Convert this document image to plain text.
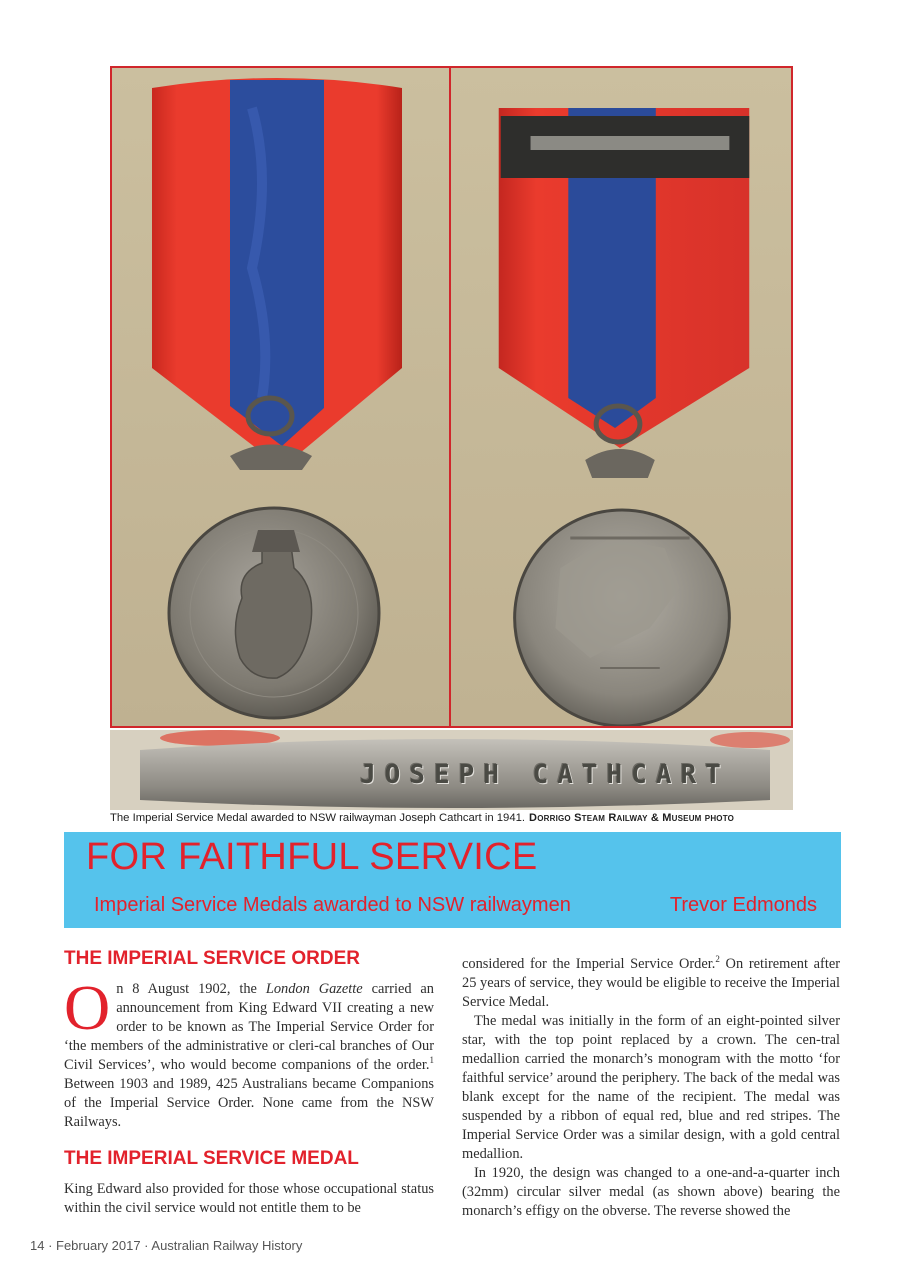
JOSEPH CATHCART
The Imperial Service Medal awarded to NSW railwayman Joseph Cathcart in 1941. Dorrigo Steam Railway & Museum photo
FOR FAITHFUL SERVICE
Imperial Service Medals awarded to NSW railwaymen	Trevor Edmonds
THE IMPERIAL SERVICE ORDER

On 8 August 1902, the London Gazette carried an announcement from King Edward VII creating a new order to be known as The Imperial Service Order for ‘the members of the administrative or cleri-cal branches of Our Civil Services’, who would become companions of the order.$^1$ Between 1903 and 1989, 425 Australians became Companions of the Imperial Service Order. None came from the NSW Railways.

THE IMPERIAL SERVICE MEDAL

King Edward also provided for those whose occupational status within the civil service would not entitle them to be

considered for the Imperial Service Order.$^2$ On retirement after 25 years of service, they would be eligible to receive the Imperial Service Medal.

The medal was initially in the form of an eight-pointed silver star, with the top point replaced by a crown. The cen-tral medallion carried the monarch’s monogram with the motto ‘for faithful service’ around the periphery. The back of the medal was blank except for the name of the recipient. The medal was suspended by a ribbon of equal red, blue and red stripes. The Imperial Service Order was a similar design, with a gold central medallion.

In 1920, the design was changed to a one-and-a-quarter inch (32mm) circular silver medal (as shown above) bearing the monarch’s effigy on the obverse. The reverse showed the

14 · February 2017 · Australian Railway History
